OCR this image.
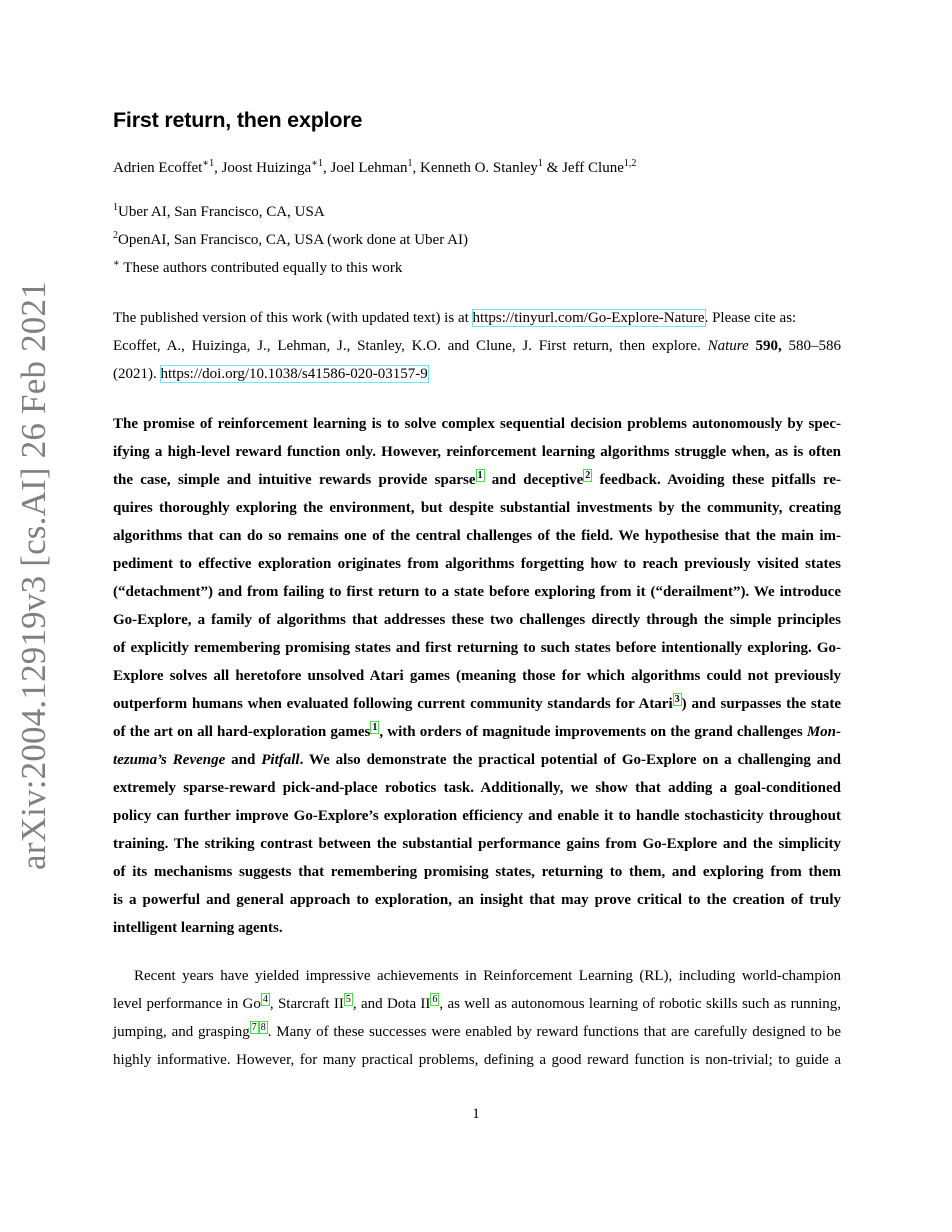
arXiv:2004.12919v3 [cs.AI] 26 Feb 2021
First return, then explore
Adrien Ecoffet$^{∗1}$, Joost Huizinga$^{∗1}$, Joel Lehman$^1$, Kenneth O. Stanley$^1$ & Jeff Clune$^{1,2}$
$^1$Uber AI, San Francisco, CA, USA
$^2$OpenAI, San Francisco, CA, USA (work done at Uber AI)
∗ These authors contributed equally to this work
The published version of this work (with updated text) is at https://tinyurl.com/Go-Explore-Nature. Please cite as:
Ecoffet, A., Huizinga, J., Lehman, J., Stanley, K.O. and Clune, J. First return, then explore. Nature 590, 580–586
(2021). https://doi.org/10.1038/s41586-020-03157-9
The promise of reinforcement learning is to solve complex sequential decision problems autonomously by spec-
ifying a high-level reward function only. However, reinforcement learning algorithms struggle when, as is often
the case, simple and intuitive rewards provide sparse $^1$ and deceptive $^2$ feedback. Avoiding these pitfalls re-
quires thoroughly exploring the environment, but despite substantial investments by the community, creating
algorithms that can do so remains one of the central challenges of the field. We hypothesise that the main im-
pediment to effective exploration originates from algorithms forgetting how to reach previously visited states
(“detachment”) and from failing to first return to a state before exploring from it (“derailment”). We introduce
Go-Explore, a family of algorithms that addresses these two challenges directly through the simple principles
of explicitly remembering promising states and first returning to such states before intentionally exploring. Go-
Explore solves all heretofore unsolved Atari games (meaning those for which algorithms could not previously
outperform humans when evaluated following current community standards for Atari $^3$ ) and surpasses the state
of the art on all hard-exploration games $^1$ , with orders of magnitude improvements on the grand challenges Mon-
tezuma’s Revenge and Pitfall. We also demonstrate the practical potential of Go-Explore on a challenging and
extremely sparse-reward pick-and-place robotics task. Additionally, we show that adding a goal-conditioned
policy can further improve Go-Explore’s exploration efficiency and enable it to handle stochasticity throughout
training. The striking contrast between the substantial performance gains from Go-Explore and the simplicity
of its mechanisms suggests that remembering promising states, returning to them, and exploring from them
is a powerful and general approach to exploration, an insight that may prove critical to the creation of truly
intelligent learning agents.
Recent years have yielded impressive achievements in Reinforcement Learning (RL), including world-champion
level performance in Go $^4$ , Starcraft II $^5$ , and Dota II $^6$ , as well as autonomous learning of robotic skills such as running,
jumping, and grasping $^7$ $^8$ . Many of these successes were enabled by reward functions that are carefully designed to be
highly informative. However, for many practical problems, defining a good reward function is non-trivial; to guide a
1
